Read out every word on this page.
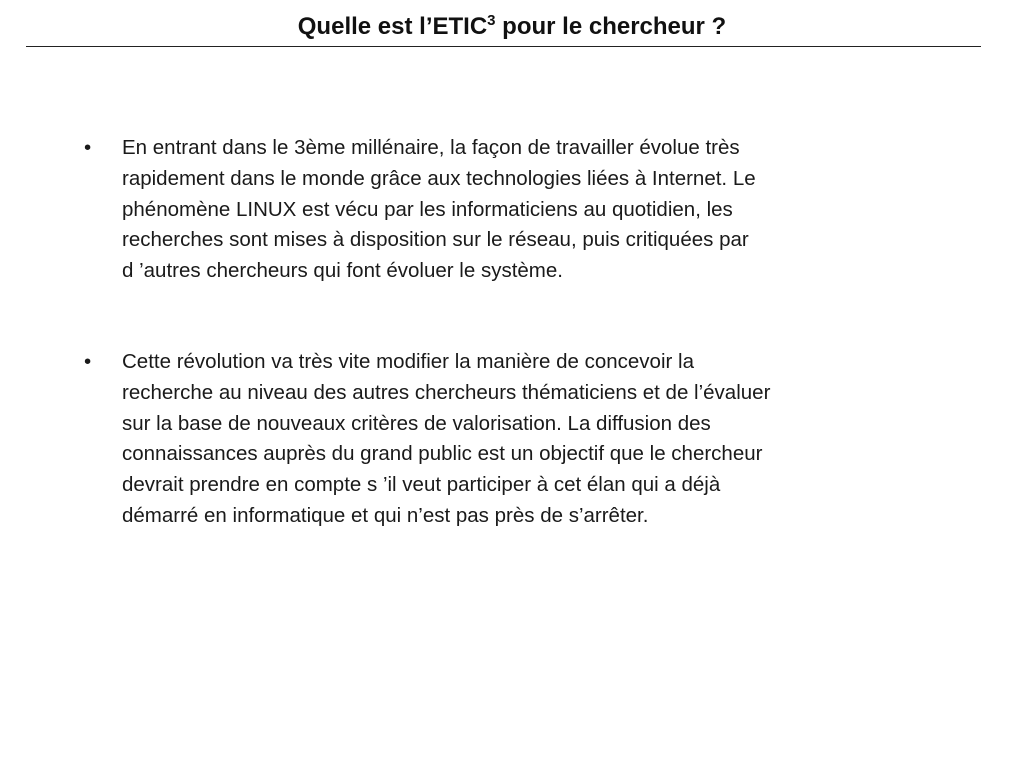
Quelle est l’ETIC$^3$ pour le chercheur ?
•	En entrant dans le 3ème millénaire, la façon de travailler évolue très
rapidement dans le monde grâce aux technologies liées à Internet. Le
phénomène LINUX est vécu par les informaticiens au quotidien, les
recherches sont mises à disposition sur le réseau, puis critiquées par
d ’autres chercheurs qui font évoluer le système.
•	Cette révolution va très vite modifier la manière de concevoir la
recherche au niveau des autres chercheurs thématiciens et de l’évaluer
sur la base de nouveaux critères de valorisation. La diffusion des
connaissances auprès du grand public est un objectif que le chercheur
devrait prendre en compte s ’il veut participer à cet élan qui a déjà
démarré en informatique et qui n’est pas près de s’arrêter.
